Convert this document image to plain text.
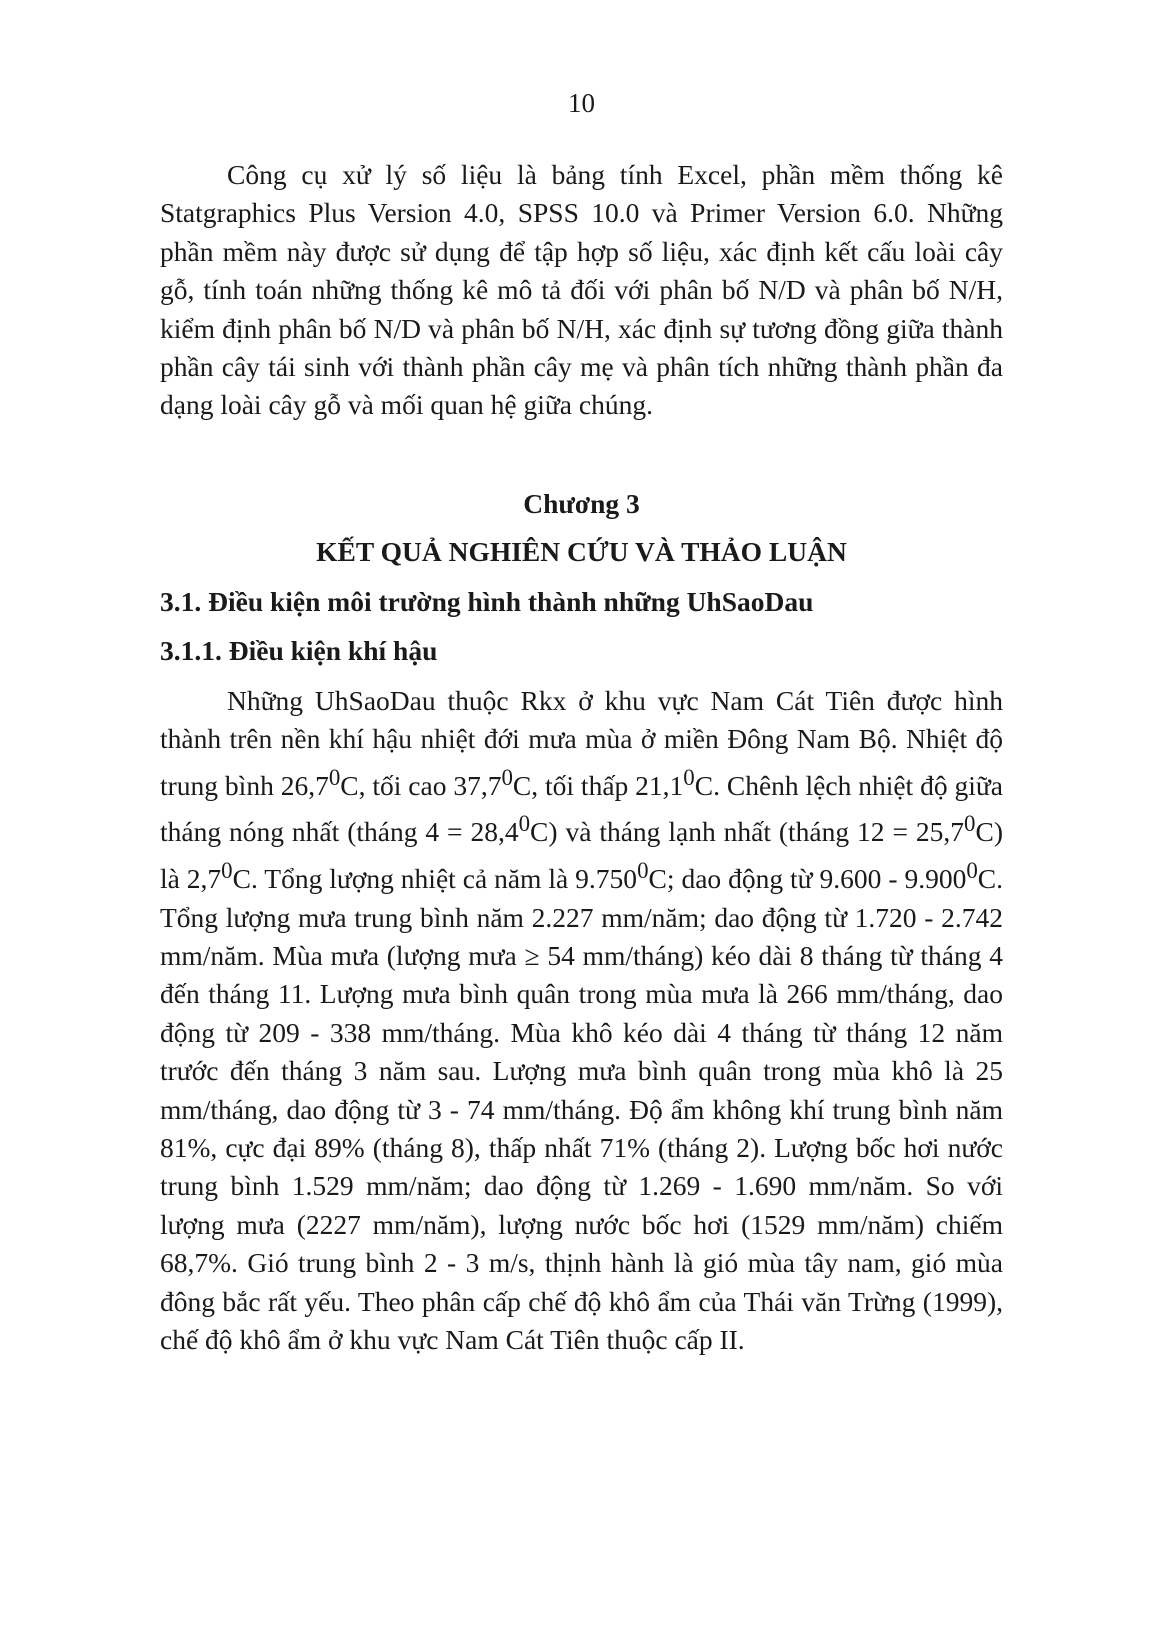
10

Công cụ xử lý số liệu là bảng tính Excel, phần mềm thống kê Statgraphics Plus Version 4.0, SPSS 10.0 và Primer Version 6.0. Những phần mềm này được sử dụng để tập hợp số liệu, xác định kết cấu loài cây gỗ, tính toán những thống kê mô tả đối với phân bố N/D và phân bố N/H, kiểm định phân bố N/D và phân bố N/H, xác định sự tương đồng giữa thành phần cây tái sinh với thành phần cây mẹ và phân tích những thành phần đa dạng loài cây gỗ và mối quan hệ giữa chúng.

Chương 3
KẾT QUẢ NGHIÊN CỨU VÀ THẢO LUẬN
3.1. Điều kiện môi trường hình thành những UhSaoDau
3.1.1. Điều kiện khí hậu

Những UhSaoDau thuộc Rkx ở khu vực Nam Cát Tiên được hình thành trên nền khí hậu nhiệt đới mưa mùa ở miền Đông Nam Bộ. Nhiệt độ trung bình 26,7$^0$C, tối cao 37,7$^0$C, tối thấp 21,1$^0$C. Chênh lệch nhiệt độ giữa tháng nóng nhất (tháng $4 = 28,4^0C$) và tháng lạnh nhất (tháng $12 = 25,7^0C$) là $2,7^0C$. Tổng lượng nhiệt cả năm là 9.750$^0$C; dao động từ 9.600 - 9.900$^0$C. Tổng lượng mưa trung bình năm 2.227 mm/năm; dao động từ 1.720 - 2.742 mm/năm. Mùa mưa (lượng mưa ≥ 54 mm/tháng) kéo dài 8 tháng từ tháng 4 đến tháng 11. Lượng mưa bình quân trong mùa mưa là 266 mm/tháng, dao động từ 209 - 338 mm/tháng. Mùa khô kéo dài 4 tháng từ tháng 12 năm trước đến tháng 3 năm sau. Lượng mưa bình quân trong mùa khô là 25 mm/tháng, dao động từ 3 - 74 mm/tháng. Độ ẩm không khí trung bình năm 81%, cực đại 89% (tháng 8), thấp nhất 71% (tháng 2). Lượng bốc hơi nước trung bình 1.529 mm/năm; dao động từ 1.269 - 1.690 mm/năm. So với lượng mưa (2227 mm/năm), lượng nước bốc hơi (1529 mm/năm) chiếm 68,7%. Gió trung bình 2 - 3 m/s, thịnh hành là gió mùa tây nam, gió mùa đông bắc rất yếu. Theo phân cấp chế độ khô ẩm của Thái văn Trừng (1999), chế độ khô ẩm ở khu vực Nam Cát Tiên thuộc cấp II.
